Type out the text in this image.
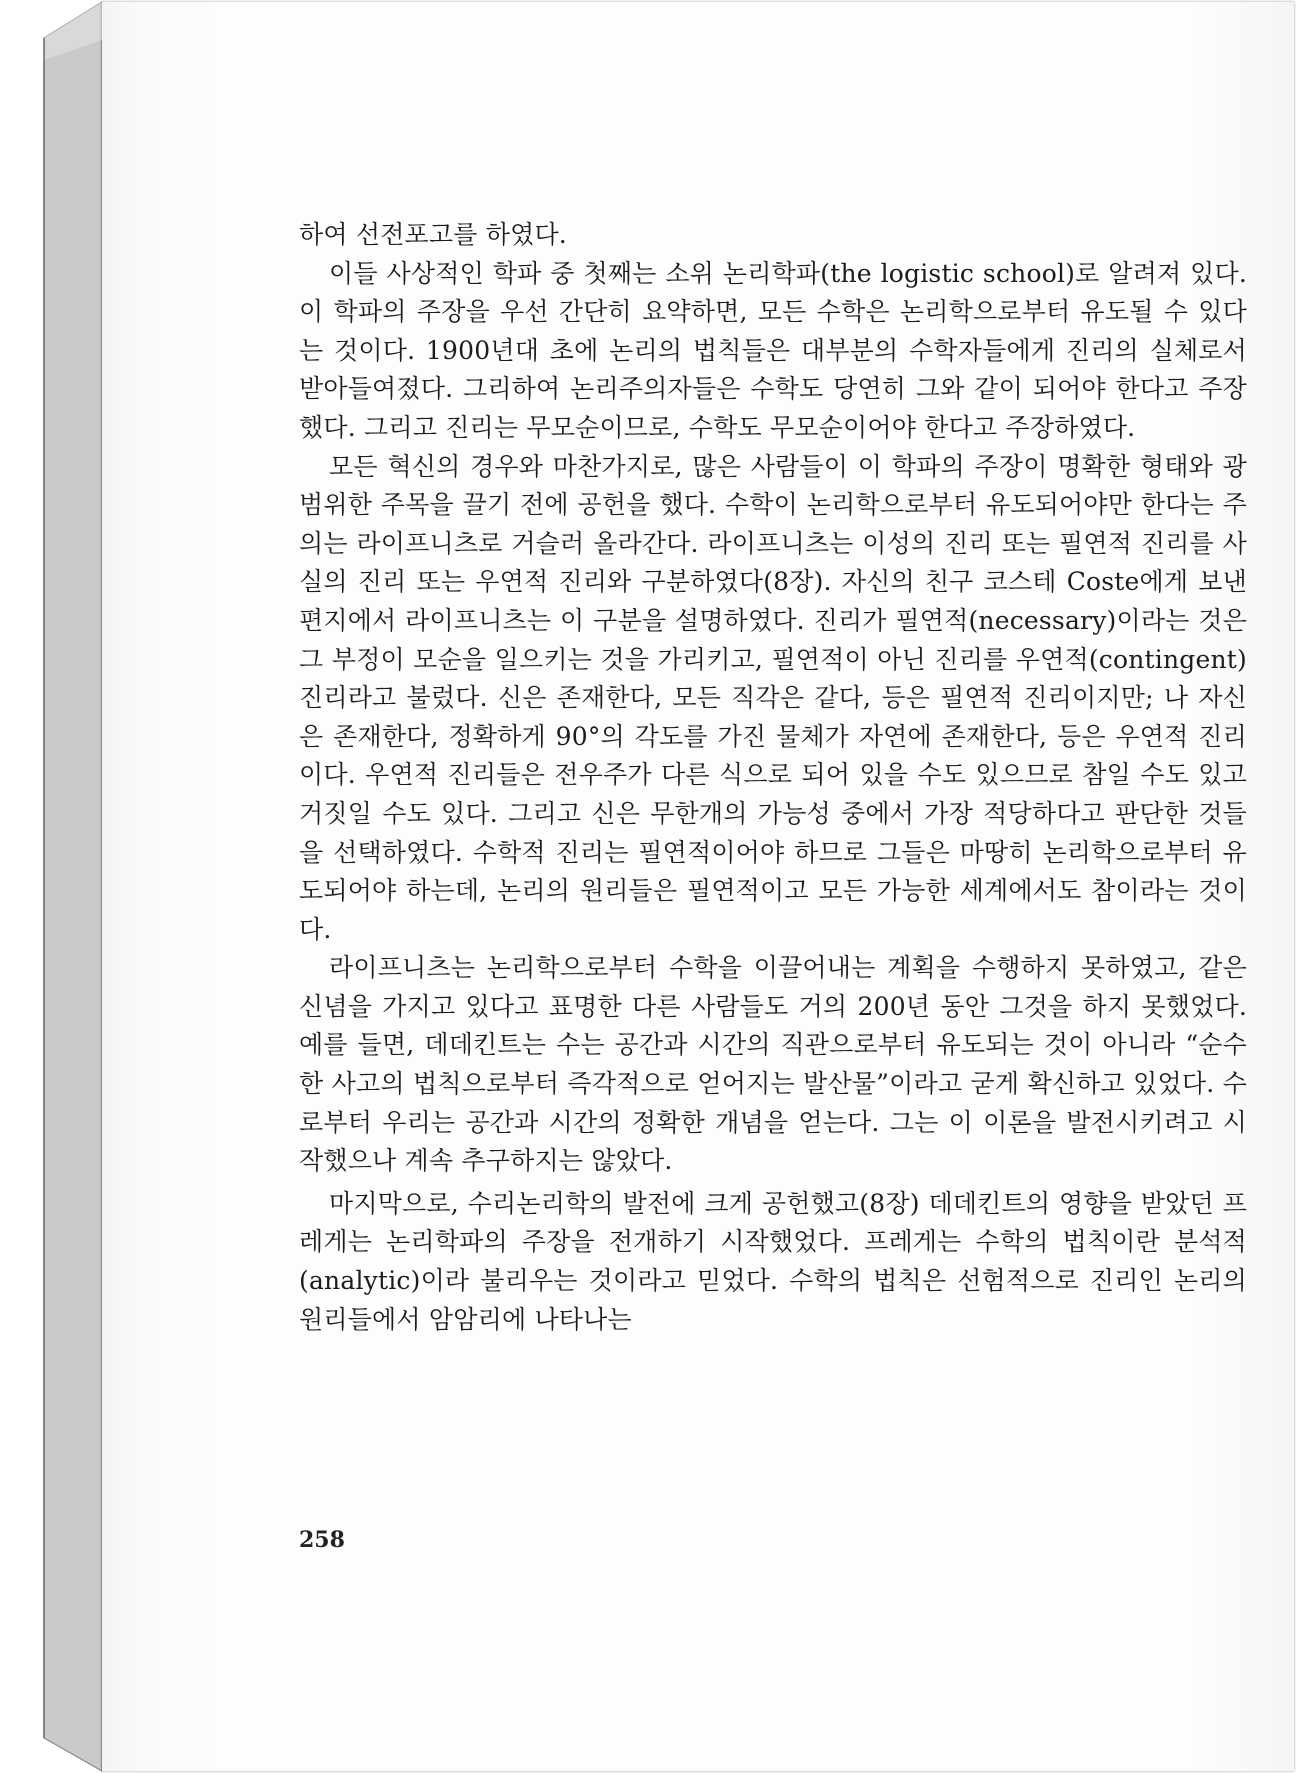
하여 선전포고를 하였다.

이들 사상적인 학파 중 첫째는 소위 논리학파(the logistic school)로 알려져 있다. 이 학파의 주장을 우선 간단히 요약하면, 모든 수학은 논리학으로부터 유도될 수 있다는 것이다. 1900년대 초에 논리의 법칙들은 대부분의 수학자들에게 진리의 실체로서 받아들여졌다. 그리하여 논리주의자들은 수학도 당연히 그와 같이 되어야 한다고 주장했다. 그리고 진리는 무모순이므로, 수학도 무모순이어야 한다고 주장하였다.

모든 혁신의 경우와 마찬가지로, 많은 사람들이 이 학파의 주장이 명확한 형태와 광범위한 주목을 끌기 전에 공헌을 했다. 수학이 논리학으로부터 유도되어야만 한다는 주의는 라이프니츠로 거슬러 올라간다. 라이프니츠는 이성의 진리 또는 필연적 진리를 사실의 진리 또는 우연적 진리와 구분하였다(8장). 자신의 친구 코스테 Coste에게 보낸 편지에서 라이프니츠는 이 구분을 설명하였다. 진리가 필연적(necessary)이라는 것은 그 부정이 모순을 일으키는 것을 가리키고, 필연적이 아닌 진리를 우연적(contingent) 진리라고 불렀다. 신은 존재한다, 모든 직각은 같다, 등은 필연적 진리이지만; 나 자신은 존재한다, 정확하게 90°의 각도를 가진 물체가 자연에 존재한다, 등은 우연적 진리이다. 우연적 진리들은 전우주가 다른 식으로 되어 있을 수도 있으므로 참일 수도 있고 거짓일 수도 있다. 그리고 신은 무한개의 가능성 중에서 가장 적당하다고 판단한 것들을 선택하였다. 수학적 진리는 필연적이어야 하므로 그들은 마땅히 논리학으로부터 유도되어야 하는데, 논리의 원리들은 필연적이고 모든 가능한 세계에서도 참이라는 것이다.

라이프니츠는 논리학으로부터 수학을 이끌어내는 계획을 수행하지 못하였고, 같은 신념을 가지고 있다고 표명한 다른 사람들도 거의 200년 동안 그것을 하지 못했었다. 예를 들면, 데데킨트는 수는 공간과 시간의 직관으로부터 유도되는 것이 아니라 “순수한 사고의 법칙으로부터 즉각적으로 얻어지는 발산물”이라고 굳게 확신하고 있었다. 수로부터 우리는 공간과 시간의 정확한 개념을 얻는다. 그는 이 이론을 발전시키려고 시작했으나 계속 추구하지는 않았다.

마지막으로, 수리논리학의 발전에 크게 공헌했고(8장) 데데킨트의 영향을 받았던 프레게는 논리학파의 주장을 전개하기 시작했었다. 프레게는 수학의 법칙이란 분석적(analytic)이라 불리우는 것이라고 믿었다. 수학의 법칙은 선험적으로 진리인 논리의 원리들에서 암암리에 나타나는

258
